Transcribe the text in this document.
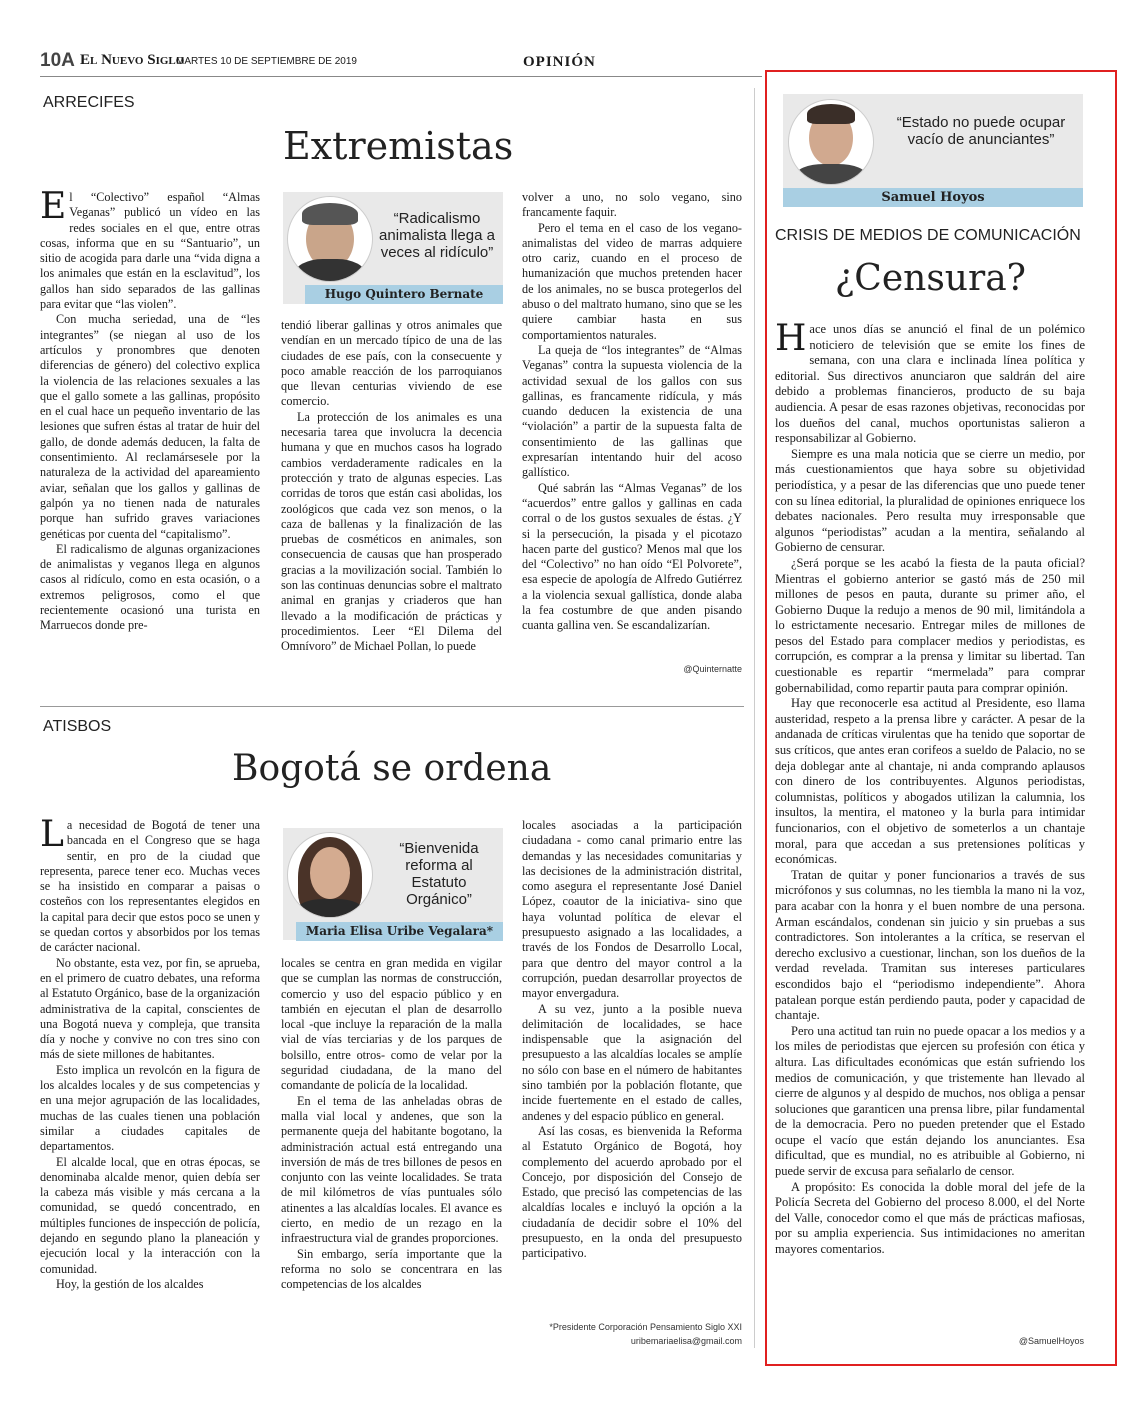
10A El Nuevo Siglo
MARTES 10 DE SEPTIEMBRE DE 2019	OPINIÓN
ARRECIFES
Extremistas
“Radicalismo animalista llega a veces al ridículo”
Hugo Quintero Bernate

El “Colectivo” español “Almas Veganas” publicó un vídeo en las redes sociales en el que, entre otras cosas, informa que en su “Santuario”, un sitio de acogida para darle una “vida digna a los animales que están en la esclavitud”, los gallos han sido separados de las gallinas para evitar que “las violen”.

Con mucha seriedad, una de “les integrantes” (se niegan al uso de los artículos y pronombres que denoten diferencias de género) del colectivo explica la violencia de las relaciones sexuales a las que el gallo somete a las gallinas, propósito en el cual hace un pequeño inventario de las lesiones que sufren éstas al tratar de huir del gallo, de donde además deducen, la falta de consentimiento. Al reclamársesele por la naturaleza de la actividad del apareamiento aviar, señalan que los gallos y gallinas de galpón ya no tienen nada de naturales porque han sufrido graves variaciones genéticas por cuenta del “capitalismo”.

El radicalismo de algunas organizaciones de animalistas y veganos llega en algunos casos al ridículo, como en esta ocasión, o a extremos peligrosos, como el que recientemente ocasionó una turista en Marruecos donde pre-

tendió liberar gallinas y otros animales que vendían en un mercado típico de una de las ciudades de ese país, con la consecuente y poco amable reacción de los parroquianos que llevan centurias viviendo de ese comercio.

La protección de los animales es una necesaria tarea que involucra la decencia humana y que en muchos casos ha logrado cambios verdaderamente radicales en la protección y trato de algunas especies. Las corridas de toros que están casi abolidas, los zoológicos que cada vez son menos, o la caza de ballenas y la finalización de las pruebas de cosméticos en animales, son consecuencia de causas que han prosperado gracias a la movilización social. También lo son las continuas denuncias sobre el maltrato animal en granjas y criaderos que han llevado a la modificación de prácticas y procedimientos. Leer “El Dilema del Omnívoro” de Michael Pollan, lo puede

volver a uno, no solo vegano, sino francamente faquir.

Pero el tema en el caso de los vegano-animalistas del video de marras adquiere otro cariz, cuando en el proceso de humanización que muchos pretenden hacer de los animales, no se busca protegerlos del abuso o del maltrato humano, sino que se les quiere cambiar hasta en sus comportamientos naturales.

La queja de “los integrantes” de “Almas Veganas” contra la supuesta violencia de la actividad sexual de los gallos con sus gallinas, es francamente ridícula, y más cuando deducen la existencia de una “violación” a partir de la supuesta falta de consentimiento de las gallinas que expresarían intentando huir del acoso gallístico.

Qué sabrán las “Almas Veganas” de los “acuerdos” entre gallos y gallinas en cada corral o de los gustos sexuales de éstas. ¿Y si la persecución, la pisada y el picotazo hacen parte del gustico? Menos mal que los del “Colectivo” no han oído “El Polvorete”, esa especie de apología de Alfredo Gutiérrez a la violencia sexual gallística, donde alaba la fea costumbre de que anden pisando cuanta gallina ven. Se escandalizarían.

@Quinternatte
ATISBOS
Bogotá se ordena
“Bienvenida reforma al Estatuto Orgánico”
Maria Elisa Uribe Vegalara*

La necesidad de Bogotá de tener una bancada en el Congreso que se haga sentir, en pro de la ciudad que representa, parece tener eco. Muchas veces se ha insistido en comparar a paisas o costeños con los representantes elegidos en la capital para decir que estos poco se unen y se quedan cortos y absorbidos por los temas de carácter nacional.

No obstante, esta vez, por fin, se aprueba, en el primero de cuatro debates, una reforma al Estatuto Orgánico, base de la organización administrativa de la capital, conscientes de una Bogotá nueva y compleja, que transita día y noche y convive no con tres sino con más de siete millones de habitantes.

Esto implica un revolcón en la figura de los alcaldes locales y de sus competencias y en una mejor agrupación de las localidades, muchas de las cuales tienen una población similar a ciudades capitales de departamentos.

El alcalde local, que en otras épocas, se denominaba alcalde menor, quien debía ser la cabeza más visible y más cercana a la comunidad, se quedó concentrado, en múltiples funciones de inspección de policía, dejando en segundo plano la planeación y ejecución local y la interacción con la comunidad.

Hoy, la gestión de los alcaldes

locales se centra en gran medida en vigilar que se cumplan las normas de construcción, comercio y uso del espacio público y en también en ejecutan el plan de desarrollo local -que incluye la reparación de la malla vial de vías terciarias y de los parques de bolsillo, entre otros- como de velar por la seguridad ciudadana, de la mano del comandante de policía de la localidad.

En el tema de las anheladas obras de malla vial local y andenes, que son la permanente queja del habitante bogotano, la administración actual está entregando una inversión de más de tres billones de pesos en conjunto con las veinte localidades. Se trata de mil kilómetros de vías puntuales sólo atinentes a las alcaldías locales. El avance es cierto, en medio de un rezago en la infraestructura vial de grandes proporciones.

Sin embargo, sería importante que la reforma no solo se concentrara en las competencias de los alcaldes

locales asociadas a la participación ciudadana - como canal primario entre las demandas y las necesidades comunitarias y las decisiones de la administración distrital, como asegura el representante José Daniel López, coautor de la iniciativa- sino que haya voluntad política de elevar el presupuesto asignado a las localidades, a través de los Fondos de Desarrollo Local, para que dentro del mayor control a la corrupción, puedan desarrollar proyectos de mayor envergadura.

A su vez, junto a la posible nueva delimitación de localidades, se hace indispensable que la asignación del presupuesto a las alcaldías locales se amplíe no sólo con base en el número de habitantes sino también por la población flotante, que incide fuertemente en el estado de calles, andenes y del espacio público en general.

Así las cosas, es bienvenida la Reforma al Estatuto Orgánico de Bogotá, hoy complemento del acuerdo aprobado por el Concejo, por disposición del Consejo de Estado, que precisó las competencias de las alcaldías locales e incluyó la opción a la ciudadanía de decidir sobre el 10% del presupuesto, en la onda del presupuesto participativo.

*Presidente Corporación Pensamiento Siglo XXI
uribemariaelisa@gmail.com
“Estado no puede ocupar vacío de anunciantes”
Samuel Hoyos
CRISIS DE MEDIOS DE COMUNICACIÓN
¿Censura?

Hace unos días se anunció el final de un polémico noticiero de televisión que se emite los fines de semana, con una clara e inclinada línea política y editorial. Sus directivos anunciaron que saldrán del aire debido a problemas financieros, producto de su baja audiencia. A pesar de esas razones objetivas, reconocidas por los dueños del canal, muchos oportunistas salieron a responsabilizar al Gobierno.

Siempre es una mala noticia que se cierre un medio, por más cuestionamientos que haya sobre su objetividad periodística, y a pesar de las diferencias que uno puede tener con su línea editorial, la pluralidad de opiniones enriquece los debates nacionales. Pero resulta muy irresponsable que algunos “periodistas” acudan a la mentira, señalando al Gobierno de censurar.

¿Será porque se les acabó la fiesta de la pauta oficial? Mientras el gobierno anterior se gastó más de 250 mil millones de pesos en pauta, durante su primer año, el Gobierno Duque la redujo a menos de 90 mil, limitándola a lo estrictamente necesario. Entregar miles de millones de pesos del Estado para complacer medios y periodistas, es corrupción, es comprar a la prensa y limitar su libertad. Tan cuestionable es repartir “mermelada” para comprar gobernabilidad, como repartir pauta para comprar opinión.

Hay que reconocerle esa actitud al Presidente, eso llama austeridad, respeto a la prensa libre y carácter. A pesar de la andanada de críticas virulentas que ha tenido que soportar de sus críticos, que antes eran corifeos a sueldo de Palacio, no se deja doblegar ante al chantaje, ni anda comprando aplausos con dinero de los contribuyentes. Algunos periodistas, columnistas, políticos y abogados utilizan la calumnia, los insultos, la mentira, el matoneo y la burla para intimidar funcionarios, con el objetivo de someterlos a un chantaje moral, para que accedan a sus pretensiones políticas y económicas.

Tratan de quitar y poner funcionarios a través de sus micrófonos y sus columnas, no les tiembla la mano ni la voz, para acabar con la honra y el buen nombre de una persona. Arman escándalos, condenan sin juicio y sin pruebas a sus contradictores. Son intolerantes a la crítica, se reservan el derecho exclusivo a cuestionar, linchan, son los dueños de la verdad revelada. Tramitan sus intereses particulares escondidos bajo el “periodismo independiente”. Ahora patalean porque están perdiendo pauta, poder y capacidad de chantaje.

Pero una actitud tan ruin no puede opacar a los medios y a los miles de periodistas que ejercen su profesión con ética y altura. Las dificultades económicas que están sufriendo los medios de comunicación, y que tristemente han llevado al cierre de algunos y al despido de muchos, nos obliga a pensar soluciones que garanticen una prensa libre, pilar fundamental de la democracia. Pero no pueden pretender que el Estado ocupe el vacío que están dejando los anunciantes. Esa dificultad, que es mundial, no es atribuible al Gobierno, ni puede servir de excusa para señalarlo de censor.

A propósito: Es conocida la doble moral del jefe de la Policía Secreta del Gobierno del proceso 8.000, el del Norte del Valle, conocedor como el que más de prácticas mafiosas, por su amplia experiencia. Sus intimidaciones no ameritan mayores comentarios.

@SamuelHoyos
